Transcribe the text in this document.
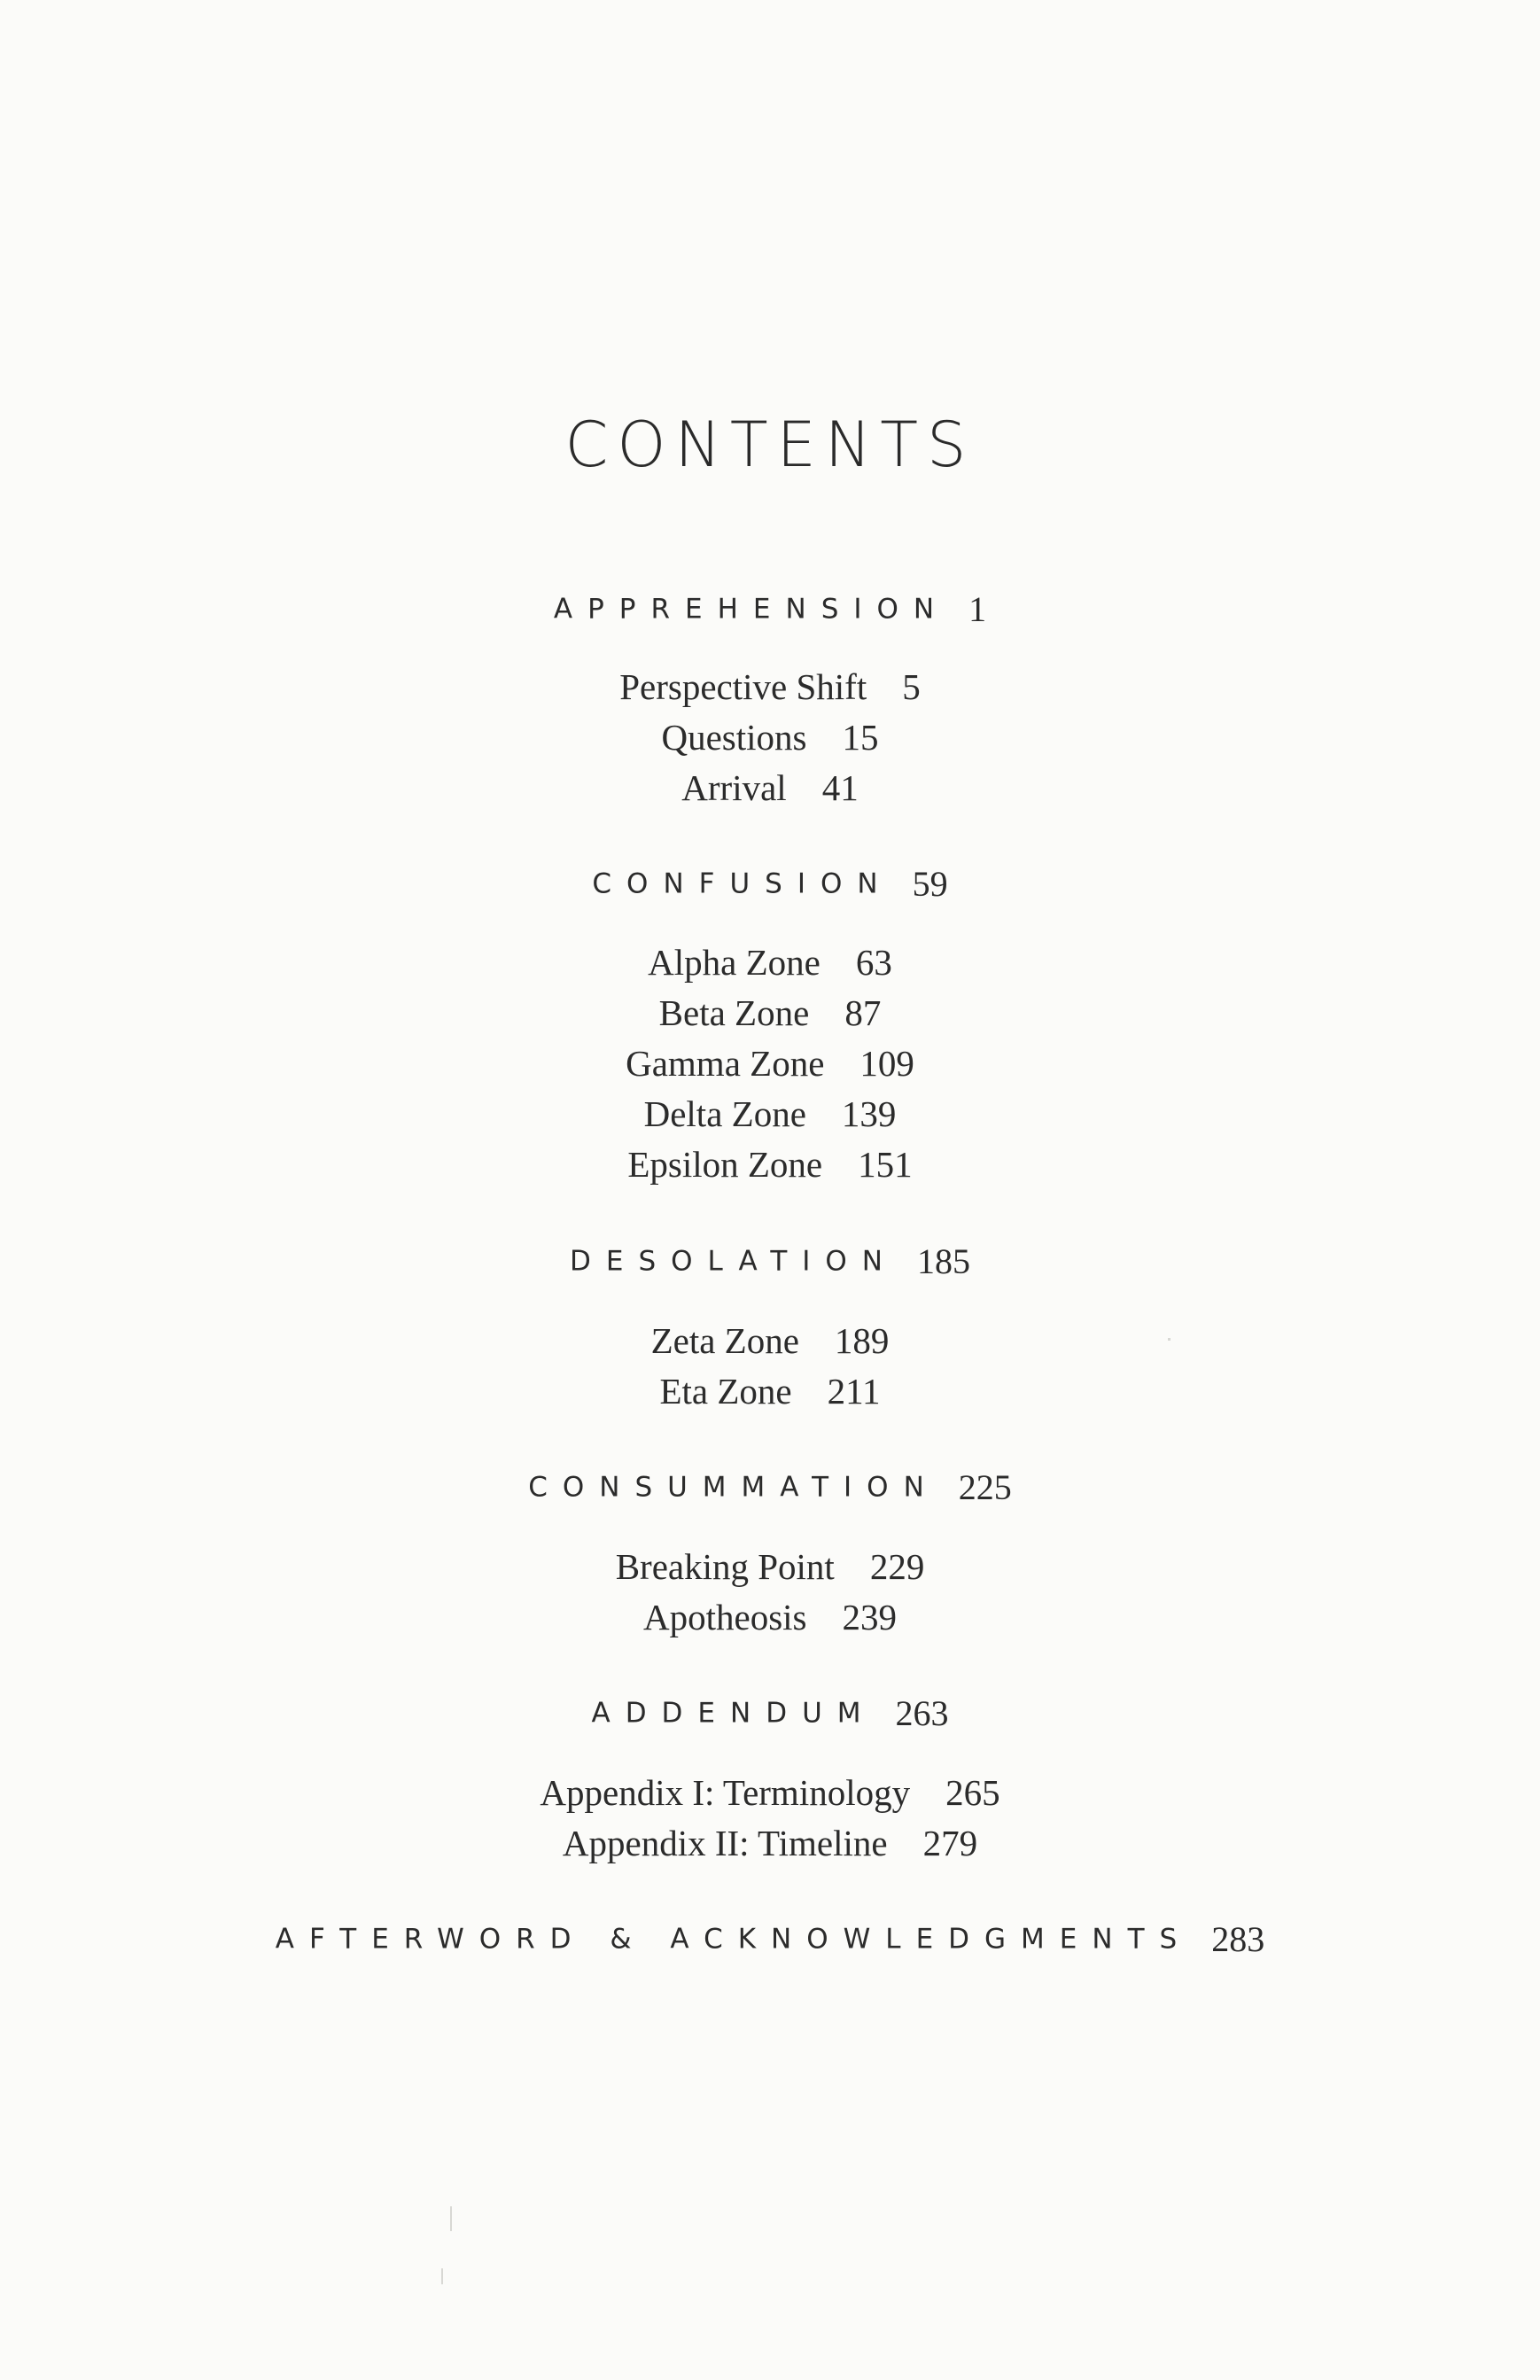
CONTENTS
APPREHENSION 1
Perspective Shift 5
Questions 15
Arrival 41
CONFUSION 59
Alpha Zone 63
Beta Zone 87
Gamma Zone 109
Delta Zone 139
Epsilon Zone 151
DESOLATION 185
Zeta Zone 189
Eta Zone 211
CONSUMMATION 225
Breaking Point 229
Apotheosis 239
ADDENDUM 263
Appendix I: Terminology 265
Appendix II: Timeline 279
AFTERWORD & ACKNOWLEDGMENTS 283
